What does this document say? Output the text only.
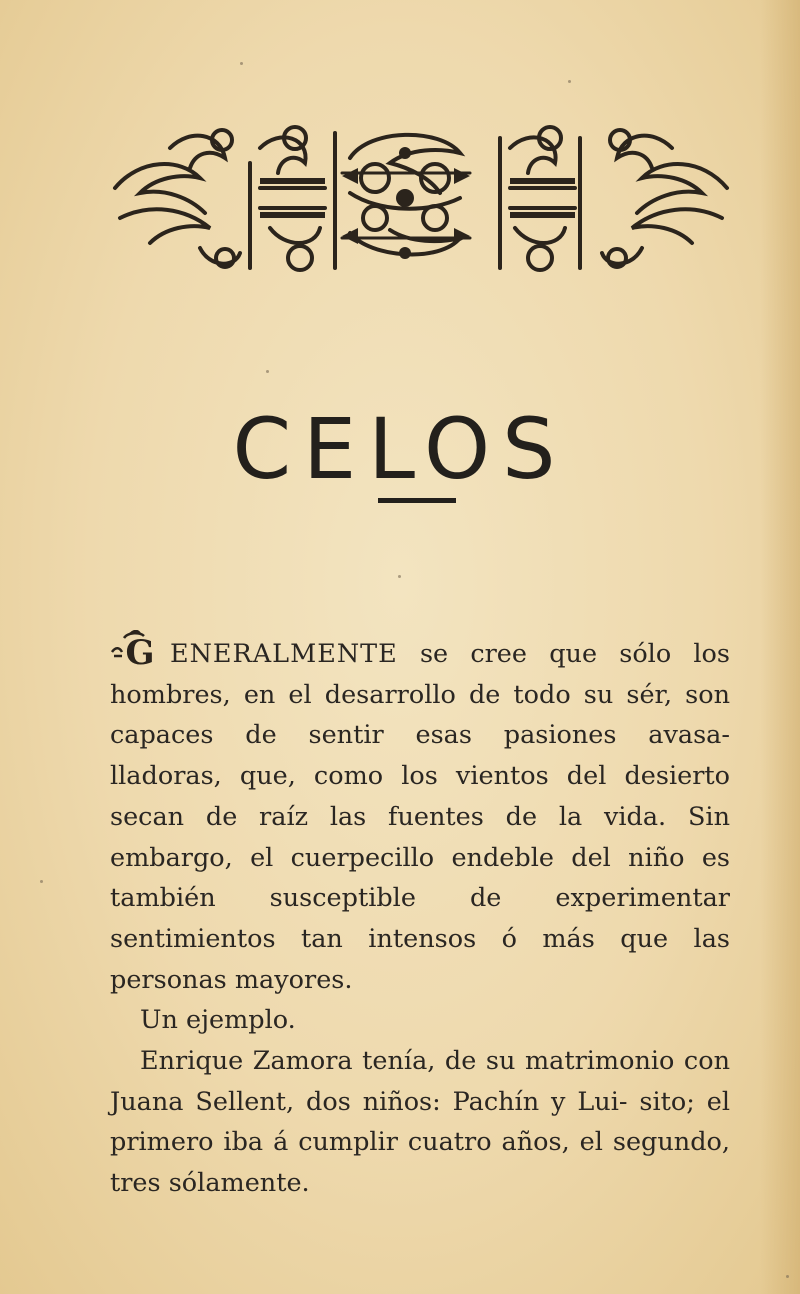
CELOS

G ENERALMENTE se cree que sólo los hombres, en el desarrollo de todo su sér, son capaces de sentir esas pasiones avasa- lladoras, que, como los vientos del desierto secan de raíz las fuentes de la vida. Sin embargo, el cuerpecillo endeble del niño es también susceptible de experimentar sentimientos tan intensos ó más que las personas mayores.

Un ejemplo.

Enrique Zamora tenía, de su matrimonio con Juana Sellent, dos niños: Pachín y Lui- sito; el primero iba á cumplir cuatro años, el segundo, tres sólamente.
